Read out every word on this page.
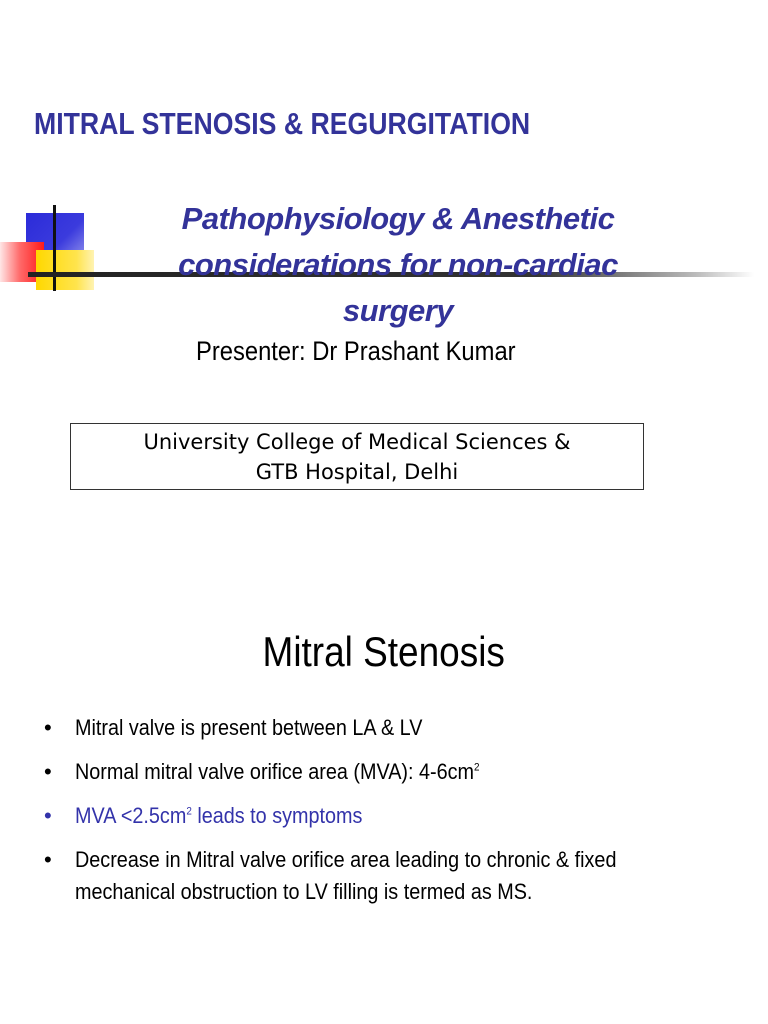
MITRAL STENOSIS & REGURGITATION
Pathophysiology & Anesthetic
considerations for non-cardiac
surgery
Presenter: Dr Prashant Kumar
University College of Medical Sciences &
GTB Hospital, Delhi
Mitral Stenosis
• Mitral valve is present between LA & LV
• Normal mitral valve orifice area (MVA): $4-6cm^2$
• MVA $<2.5cm^2$ leads to symptoms
• Decrease in Mitral valve orifice area leading to chronic & fixed mechanical obstruction to LV filling is termed as MS.
